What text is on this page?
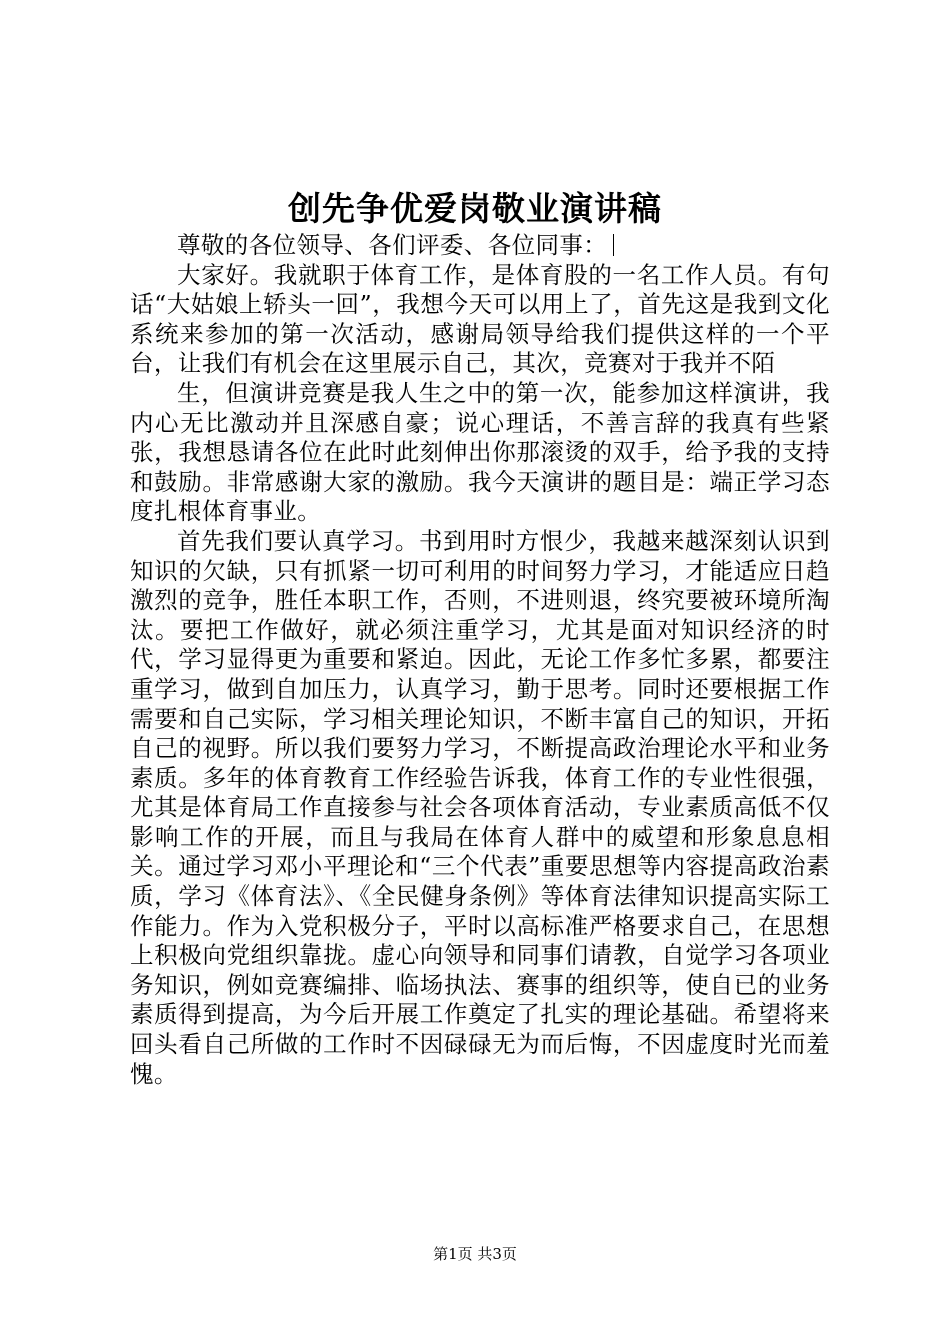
创先争优爱岗敬业演讲稿

尊敬的各位领导、各们评委、各位同事：

大家好。我就职于体育工作，是体育股的一名工作人员。有句话“大姑娘上轿头一回”，我想今天可以用上了，首先这是我到文化系统来参加的第一次活动，感谢局领导给我们提供这样的一个平台，让我们有机会在这里展示自己，其次，竞赛对于我并不陌

生，但演讲竞赛是我人生之中的第一次，能参加这样演讲，我内心无比激动并且深感自豪；说心理话，不善言辞的我真有些紧张，我想恳请各位在此时此刻伸出你那滚烫的双手，给予我的支持和鼓励。非常感谢大家的激励。我今天演讲的题目是：端正学习态度扎根体育事业。

首先我们要认真学习。书到用时方恨少，我越来越深刻认识到知识的欠缺，只有抓紧一切可利用的时间努力学习，才能适应日趋激烈的竞争，胜任本职工作，否则，不进则退，终究要被环境所淘汰。要把工作做好，就必须注重学习，尤其是面对知识经济的时代，学习显得更为重要和紧迫。因此，无论工作多忙多累，都要注重学习，做到自加压力，认真学习，勤于思考。同时还要根据工作需要和自己实际，学习相关理论知识，不断丰富自己的知识，开拓自己的视野。所以我们要努力学习，不断提高政治理论水平和业务素质。多年的体育教育工作经验告诉我，体育工作的专业性很强，尤其是体育局工作直接参与社会各项体育活动，专业素质高低不仅影响工作的开展，而且与我局在体育人群中的威望和形象息息相关。通过学习邓小平理论和“三个代表”重要思想等内容提高政治素质，学习《体育法》、《全民健身条例》等体育法律知识提高实际工作能力。作为入党积极分子，平时以高标准严格要求自己，在思想上积极向党组织靠拢。虚心向领导和同事们请教，自觉学习各项业务知识，例如竞赛编排、临场执法、赛事的组织等，使自已的业务素质得到提高，为今后开展工作奠定了扎实的理论基础。希望将来回头看自己所做的工作时不因碌碌无为而后悔，不因虚度时光而羞愧。

第1页 共3页
